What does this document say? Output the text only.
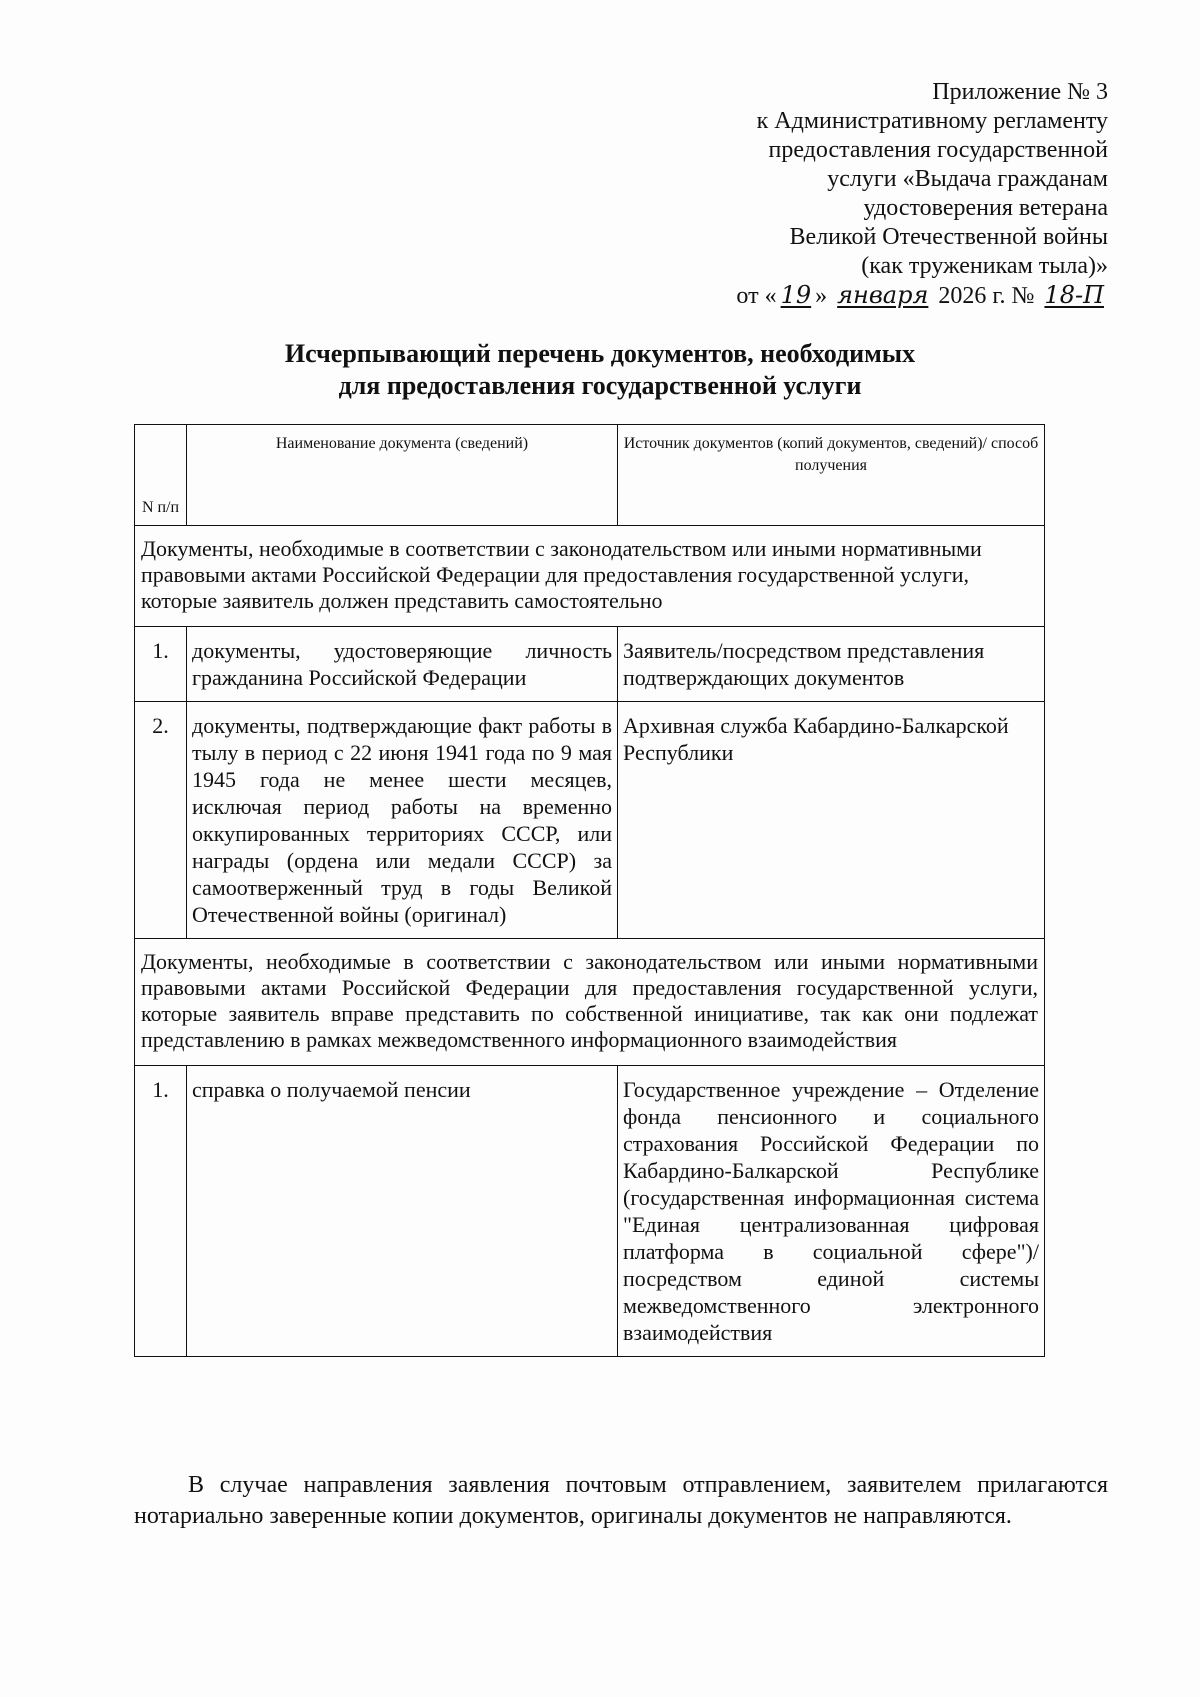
Приложение № 3
к Административному регламенту
предоставления государственной
услуги «Выдача гражданам
удостоверения ветерана
Великой Отечественной войны
(как труженикам тыла)»
от « 19 » января 2026 г. № 18-П
Исчерпывающий перечень документов, необходимых
для предоставления государственной услуги
N п/п	Наименование документа (сведений)	Источник документов (копий документов, сведений)/ способ получения
Документы, необходимые в соответствии с законодательством или иными нормативными правовыми актами Российской Федерации для предоставления государственной услуги, которые заявитель должен представить самостоятельно		
1.	документы, удостоверяющие личность гражданина Российской Федерации	Заявитель/посредством представления подтверждающих документов
2.	документы, подтверждающие факт работы в тылу в период с 22 июня 1941 года по 9 мая 1945 года не менее шести месяцев, исключая период работы на временно оккупированных территориях СССР, или награды (ордена или медали СССР) за самоотверженный труд в годы Великой Отечественной войны (оригинал)	Архивная служба Кабардино-Балкарской Республики
Документы, необходимые в соответствии с законодательством или иными нормативными правовыми актами Российской Федерации для предоставления государственной услуги, которые заявитель вправе представить по собственной инициативе, так как они подлежат представлению в рамках межведомственного информационного взаимодействия		
1.	справка о получаемой пенсии	Государственное учреждение – Отделение фонда пенсионного и социального страхования Российской Федерации по Кабардино-Балкарской Республике (государственная информационная система "Единая централизованная цифровая платформа в социальной сфере")/ посредством единой системы межведомственного электронного взаимодействия
В случае направления заявления почтовым отправлением, заявителем прилагаются нотариально заверенные копии документов, оригиналы документов не направляются.
